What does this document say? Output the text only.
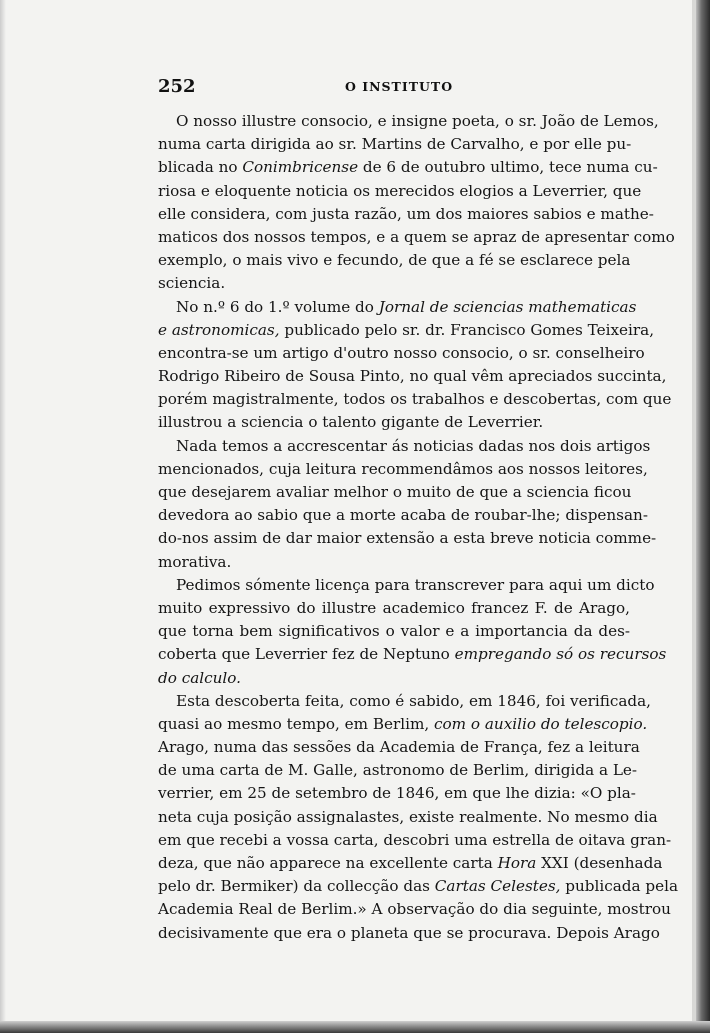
252	O INSTITUTO
O nosso illustre consocio, e insigne poeta, o sr. João de Lemos,
numa carta dirigida ao sr. Martins de Carvalho, e por elle pu-
blicada no Conimbricense de 6 de outubro ultimo, tece numa cu-
riosa e eloquente noticia os merecidos elogios a Leverrier, que
elle considera, com justa razão, um dos maiores sabios e mathe-
maticos dos nossos tempos, e a quem se apraz de apresentar como
exemplo, o mais vivo e fecundo, de que a fé se esclarece pela
sciencia.
No n.º 6 do 1.º volume do Jornal de sciencias mathematicas
e astronomicas, publicado pelo sr. dr. Francisco Gomes Teixeira,
encontra-se um artigo d'outro nosso consocio, o sr. conselheiro
Rodrigo Ribeiro de Sousa Pinto, no qual vêm apreciados succinta,
porém magistralmente, todos os trabalhos e descobertas, com que
illustrou a sciencia o talento gigante de Leverrier.
Nada temos a accrescentar ás noticias dadas nos dois artigos
mencionados, cuja leitura recommendâmos aos nossos leitores,
que desejarem avaliar melhor o muito de que a sciencia ficou
devedora ao sabio que a morte acaba de roubar-lhe; dispensan-
do-nos assim de dar maior extensão a esta breve noticia comme-
morativa.
Pedimos sómente licença para transcrever para aqui um dicto
muito expressivo do illustre academico francez F. de Arago,
que torna bem significativos o valor e a importancia da des-
coberta que Leverrier fez de Neptuno empregando só os recursos
do calculo.
Esta descoberta feita, como é sabido, em 1846, foi verificada,
quasi ao mesmo tempo, em Berlim, com o auxilio do telescopio.
Arago, numa das sessões da Academia de França, fez a leitura
de uma carta de M. Galle, astronomo de Berlim, dirigida a Le-
verrier, em 25 de setembro de 1846, em que lhe dizia: «O pla-
neta cuja posição assignalastes, existe realmente. No mesmo dia
em que recebi a vossa carta, descobri uma estrella de oitava gran-
deza, que não apparece na excellente carta Hora XXI (desenhada
pelo dr. Bermiker) da collecção das Cartas Celestes, publicada pela
Academia Real de Berlim.» A observação do dia seguinte, mostrou
decisivamente que era o planeta que se procurava. Depois Arago
